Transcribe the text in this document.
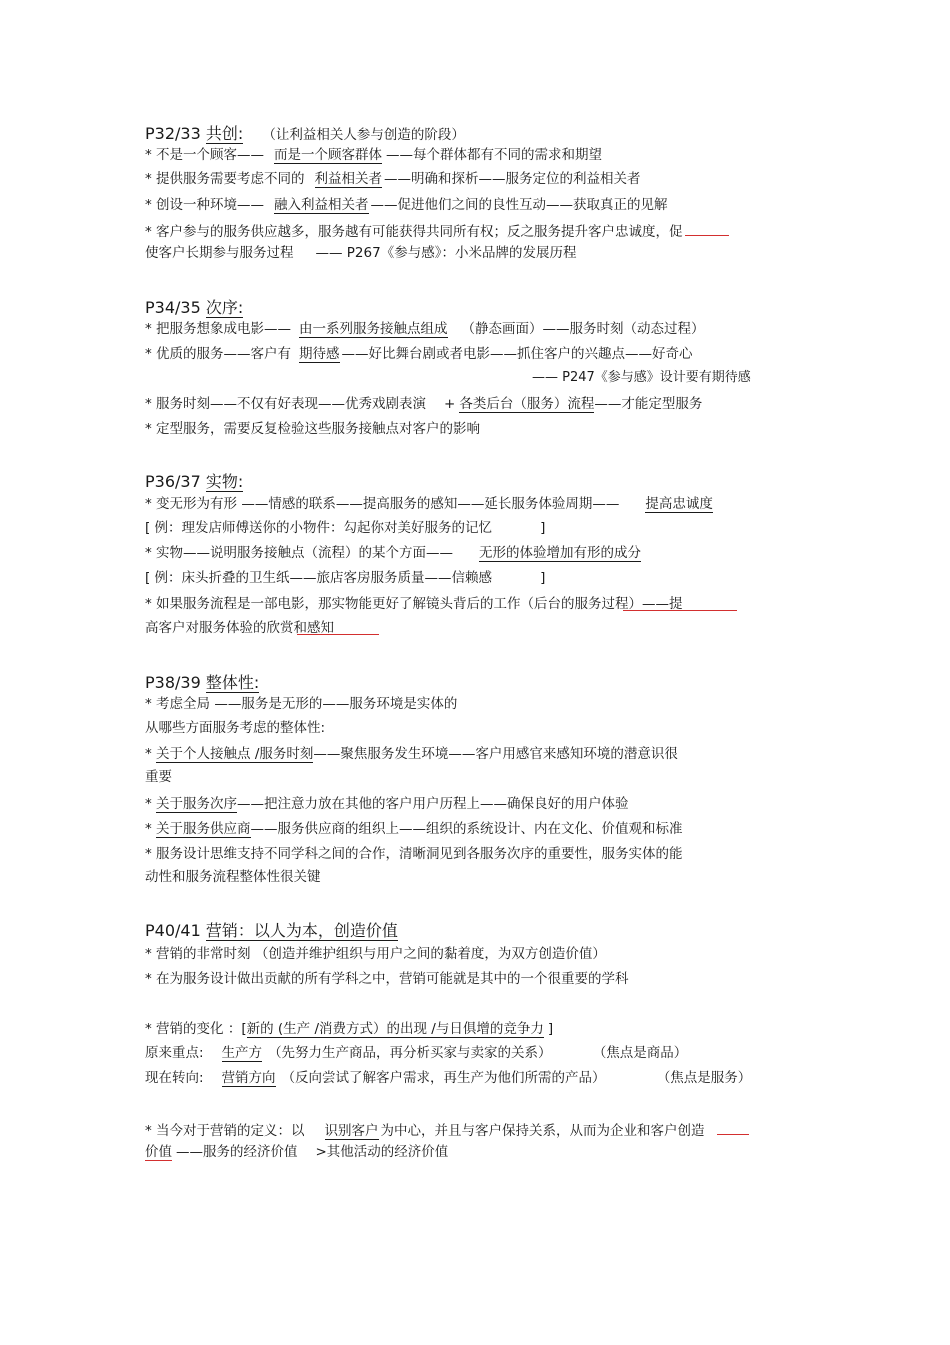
P32/33 共创: （让利益相关人参与创造的阶段）
* 不是一个顾客—— 而是一个顾客群体 ——每个群体都有不同的需求和期望
* 提供服务需要考虑不同的 利益相关者 ——明确和探析——服务定位的利益相关者
* 创设一种环境—— 融入利益相关者 ——促进他们之间的良性互动——获取真正的见解
* 客户参与的服务供应越多，服务越有可能获得共同所有权；反之服务提升客户忠诚度，促
使客户长期参与服务过程 —— P267《参与感》：小米品牌的发展历程
P34/35 次序:
* 把服务想象成电影—— 由一系列服务接触点组成 （静态画面）——服务时刻（动态过程）
* 优质的服务——客户有 期待感 ——好比舞台剧或者电影——抓住客户的兴趣点——好奇心
—— P247《参与感》设计要有期待感
* 服务时刻——不仅有好表现——优秀戏剧表演 + 各类后台（服务）流程——才能定型服务
* 定型服务，需要反复检验这些服务接触点对客户的影响
P36/37 实物:
* 变无形为有形 ——情感的联系——提高服务的感知——延长服务体验周期—— 提高忠诚度
[ 例：理发店师傅送你的小物件：勾起你对美好服务的记忆	]
* 实物——说明服务接触点（流程）的某个方面—— 无形的体验增加有形的成分
[ 例：床头折叠的卫生纸——旅店客房服务质量——信赖感	]
* 如果服务流程是一部电影，那实物能更好了解镜头背后的工作（后台的服务过程）——提
高客户对服务体验的欣赏和感知
P38/39 整体性:
* 考虑全局 ——服务是无形的——服务环境是实体的
从哪些方面服务考虑的整体性:
* 关于个人接触点 /服务时刻——聚焦服务发生环境——客户用感官来感知环境的潜意识很
重要
* 关于服务次序——把注意力放在其他的客户用户历程上——确保良好的用户体验
* 关于服务供应商——服务供应商的组织上——组织的系统设计、内在文化、价值观和标准
* 服务设计思维支持不同学科之间的合作，清晰洞见到各服务次序的重要性，服务实体的能
动性和服务流程整体性很关键
P40/41 营销：以人为本，创造价值
* 营销的非常时刻 （创造并维护组织与用户之间的黏着度，为双方创造价值）
* 在为服务设计做出贡献的所有学科之中，营销可能就是其中的一个很重要的学科
* 营销的变化 ：[新的 (生产 /消费方式）的出现 /与日俱增的竞争力 ]
原来重点: 生产方 （先努力生产商品，再分析买家与卖家的关系）	（焦点是商品）
现在转向: 营销方向 （反向尝试了解客户需求，再生产为他们所需的产品）	（焦点是服务）
* 当今对于营销的定义：以 识别客户 为中心，并且与客户保持关系，从而为企业和客户创造
价值 ——服务的经济价值 >其他活动的经济价值
